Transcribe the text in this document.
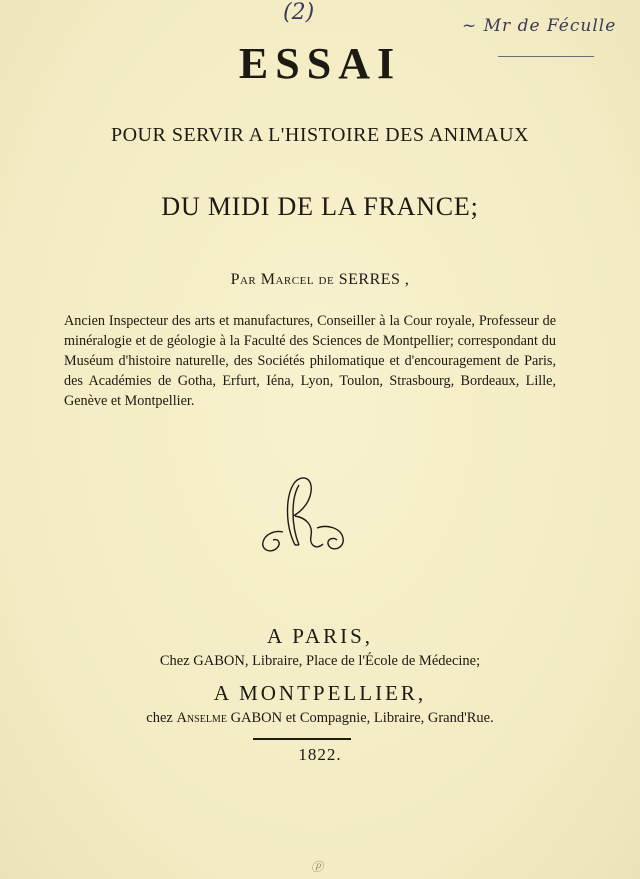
(2)
~ Mr de Féculle
ESSAI
POUR SERVIR A L'HISTOIRE DES ANIMAUX
DU MIDI DE LA FRANCE;
Par Marcel de SERRES ,
Ancien Inspecteur des arts et manufactures, Conseiller à la Cour royale, Professeur de minéralogie et de géologie à la Faculté des Sciences de Montpellier; correspondant du Muséum d'histoire naturelle, des Sociétés philomatique et d'encouragement de Paris, des Académies de Gotha, Erfurt, Iéna, Lyon, Toulon, Strasbourg, Bordeaux, Lille, Genève et Montpellier.
A PARIS,
Chez GABON, Libraire, Place de l'École de Médecine;
A MONTPELLIER,
chez Anselme GABON et Compagnie, Libraire, Grand'Rue.
1822.
ⓟ
